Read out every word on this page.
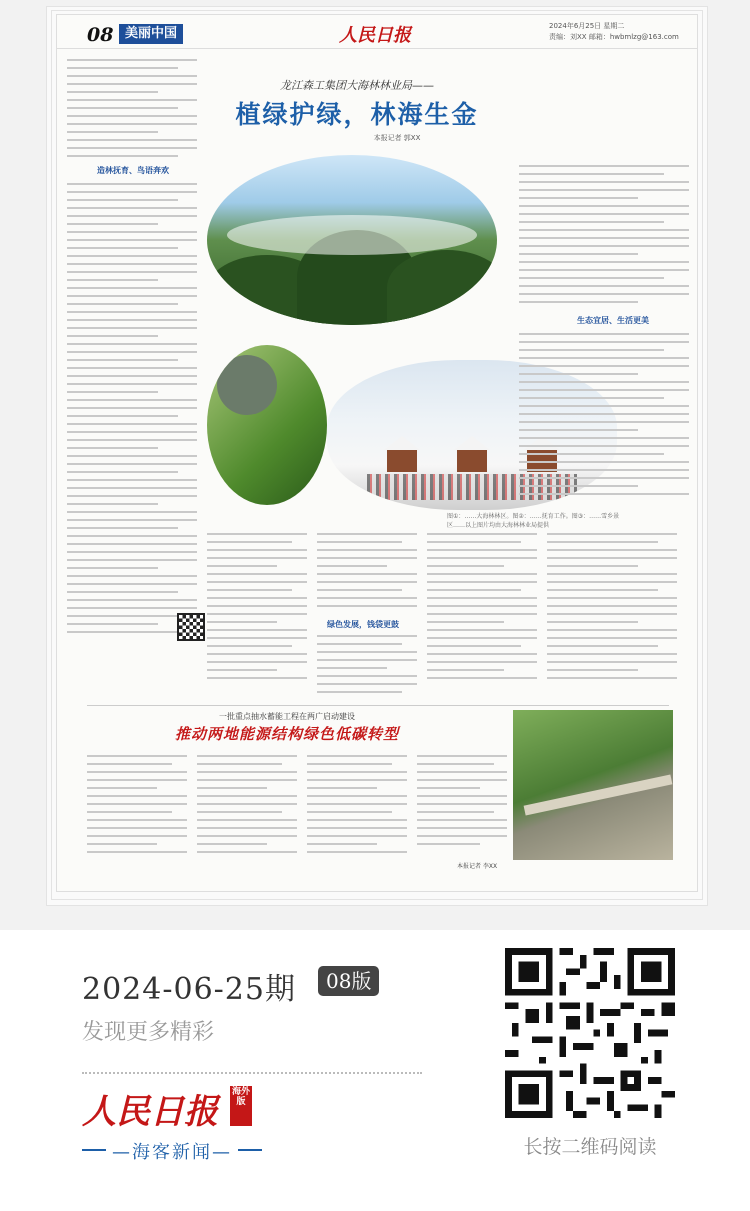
08 美丽中国	人民日报	2024年6月25日 星期二
责编：刘XX 邮箱：hwbmlzg@163.com
造林抚育、鸟语奔欢
龙江森工集团大海林林业局——
植绿护绿，林海生金
本报记者 郭XX
图①：……大海林林区。图②：……抚育工作。图③：……雪乡景区……以上图片均由大海林林业局提供
生态宜居、生活更美
绿色发展，钱袋更鼓
一批重点抽水蓄能工程在两广启动建设
推动两地能源结构绿色低碳转型
本报记者 李XX
2024-06-25期	08版
发现更多精彩
人民日报 海外版
—海客新闻—	长按二维码阅读
